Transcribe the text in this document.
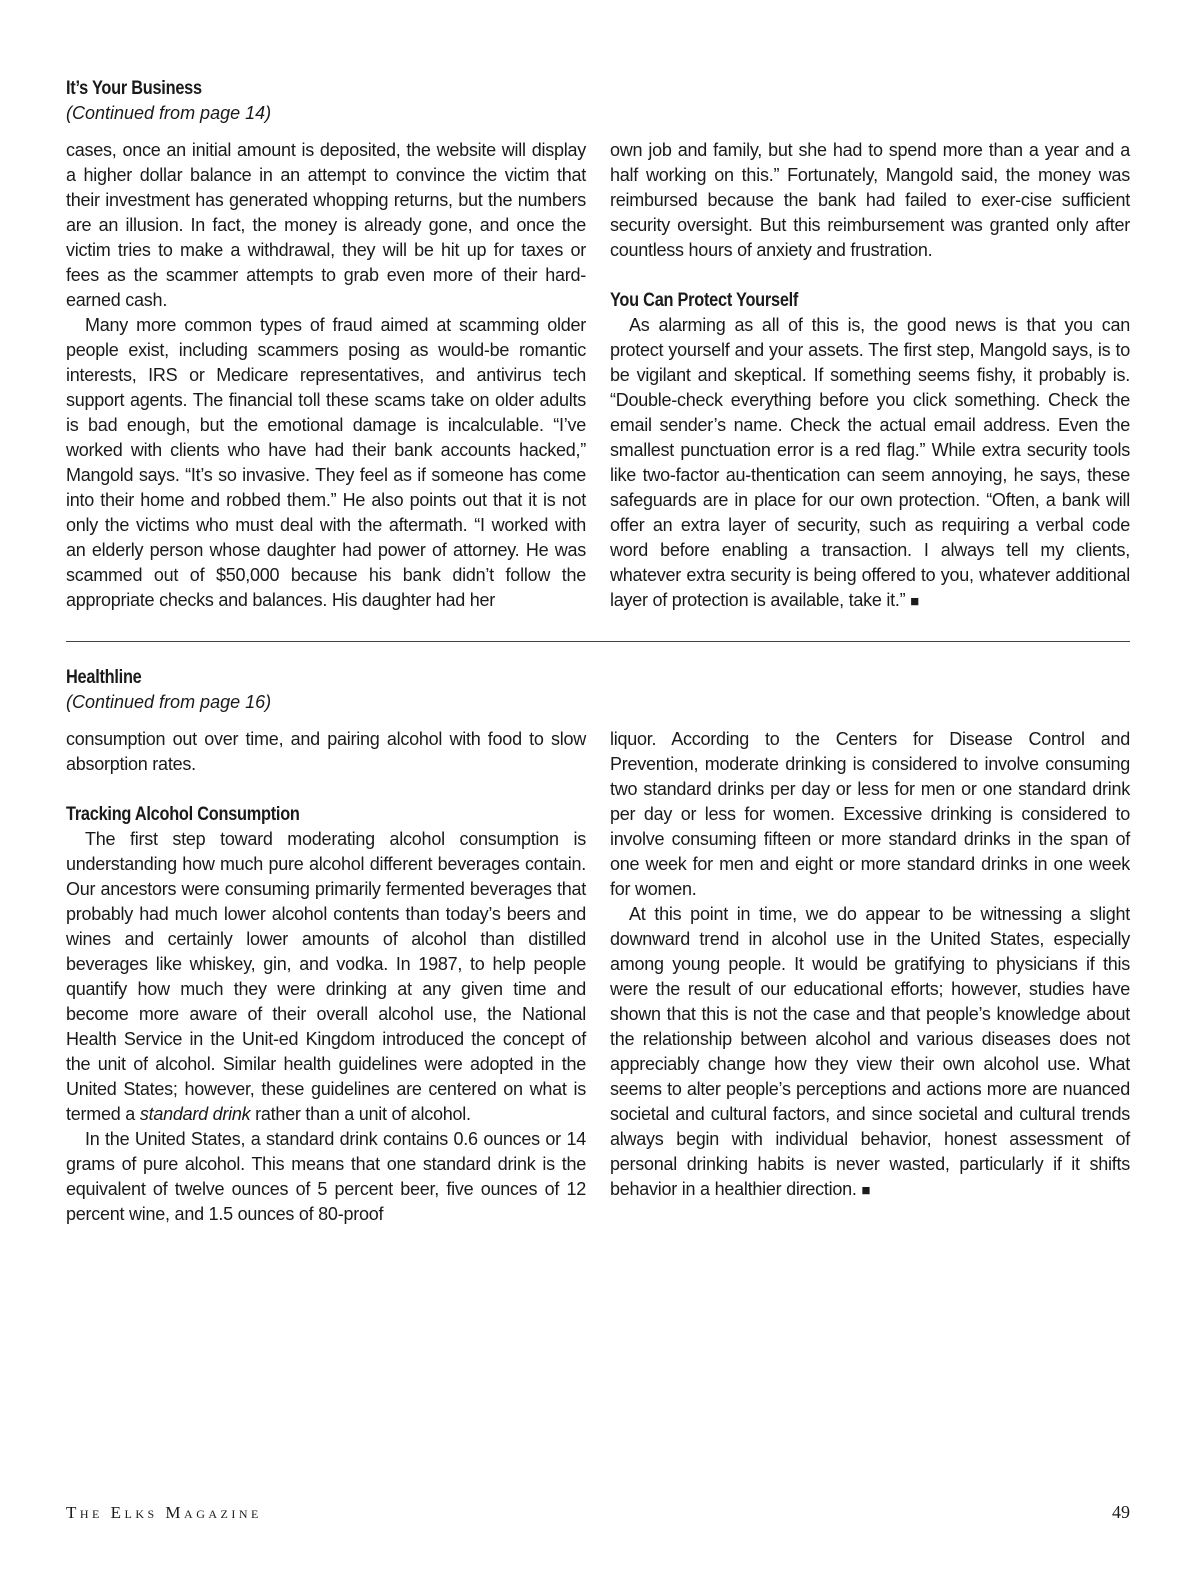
It’s Your Business
(Continued from page 14)

cases, once an initial amount is deposited, the website will display a higher dollar balance in an attempt to convince the victim that their investment has generated whopping returns, but the numbers are an illusion. In fact, the money is already gone, and once the victim tries to make a withdrawal, they will be hit up for taxes or fees as the scammer attempts to grab even more of their hard-earned cash.

Many more common types of fraud aimed at scamming older people exist, including scammers posing as would-be romantic interests, IRS or Medicare representatives, and antivirus tech support agents. The financial toll these scams take on older adults is bad enough, but the emotional damage is incalculable. “I’ve worked with clients who have had their bank accounts hacked,” Mangold says. “It’s so invasive. They feel as if someone has come into their home and robbed them.” He also points out that it is not only the victims who must deal with the aftermath. “I worked with an elderly person whose daughter had power of attorney. He was scammed out of $50,000 because his bank didn’t follow the appropriate checks and balances. His daughter had her

own job and family, but she had to spend more than a year and a half working on this.” Fortunately, Mangold said, the money was reimbursed because the bank had failed to exer-cise sufficient security oversight. But this reimbursement was granted only after countless hours of anxiety and frustration.

You Can Protect Yourself

As alarming as all of this is, the good news is that you can protect yourself and your assets. The first step, Mangold says, is to be vigilant and skeptical. If something seems fishy, it probably is. “Double-check everything before you click something. Check the email sender’s name. Check the actual email address. Even the smallest punctuation error is a red flag.” While extra security tools like two-factor au-thentication can seem annoying, he says, these safeguards are in place for our own protection. “Often, a bank will offer an extra layer of security, such as requiring a verbal code word before enabling a transaction. I always tell my clients, whatever extra security is being offered to you, whatever additional layer of protection is available, take it.” ■

Healthline
(Continued from page 16)

consumption out over time, and pairing alcohol with food to slow absorption rates.

Tracking Alcohol Consumption

The first step toward moderating alcohol consumption is understanding how much pure alcohol different beverages contain. Our ancestors were consuming primarily fermented beverages that probably had much lower alcohol contents than today’s beers and wines and certainly lower amounts of alcohol than distilled beverages like whiskey, gin, and vodka. In 1987, to help people quantify how much they were drinking at any given time and become more aware of their overall alcohol use, the National Health Service in the Unit-ed Kingdom introduced the concept of the unit of alcohol. Similar health guidelines were adopted in the United States; however, these guidelines are centered on what is termed a standard drink rather than a unit of alcohol.

In the United States, a standard drink contains 0.6 ounces or 14 grams of pure alcohol. This means that one standard drink is the equivalent of twelve ounces of 5 percent beer, five ounces of 12 percent wine, and 1.5 ounces of 80-proof

liquor. According to the Centers for Disease Control and Prevention, moderate drinking is considered to involve consuming two standard drinks per day or less for men or one standard drink per day or less for women. Excessive drinking is considered to involve consuming fifteen or more standard drinks in the span of one week for men and eight or more standard drinks in one week for women.

At this point in time, we do appear to be witnessing a slight downward trend in alcohol use in the United States, especially among young people. It would be gratifying to physicians if this were the result of our educational efforts; however, studies have shown that this is not the case and that people’s knowledge about the relationship between alcohol and various diseases does not appreciably change how they view their own alcohol use. What seems to alter people’s perceptions and actions more are nuanced societal and cultural factors, and since societal and cultural trends always begin with individual behavior, honest assessment of personal drinking habits is never wasted, particularly if it shifts behavior in a healthier direction. ■

The Elks Magazine	49
